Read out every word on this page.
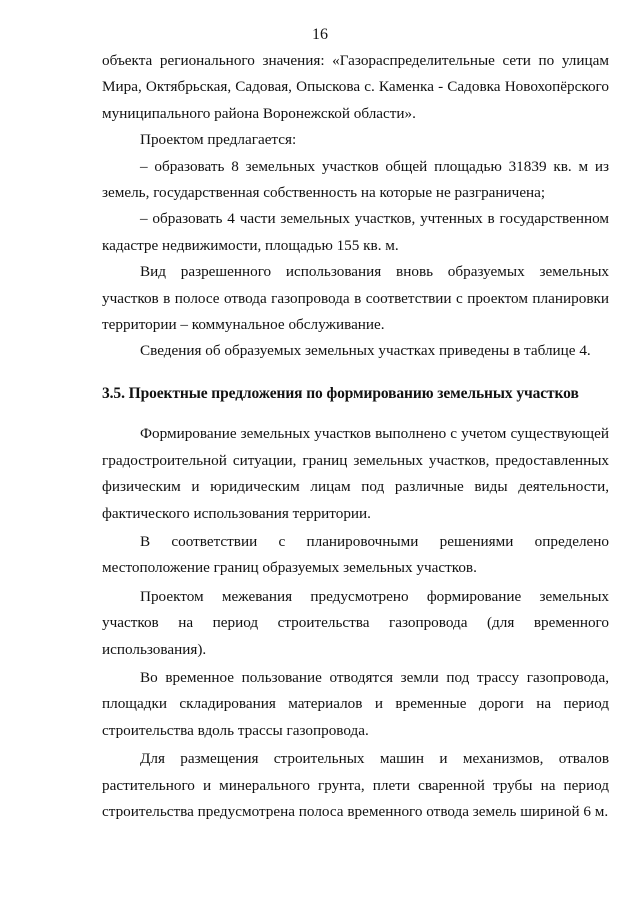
16

объекта регионального значения: «Газораспределительные сети по улицам Мира, Октябрьская, Садовая, Опыскова с. Каменка - Садовка Новохопёрского муниципального района Воронежской области».

Проектом предлагается:

– образовать 8 земельных участков общей площадью 31839 кв. м из земель, государственная собственность на которые не разграничена;

– образовать 4 части земельных участков, учтенных в государственном кадастре недвижимости, площадью 155 кв. м.

Вид разрешенного использования вновь образуемых земельных участков в полосе отвода газопровода в соответствии с проектом планировки территории – коммунальное обслуживание.

Сведения об образуемых земельных участках приведены в таблице 4.

3.5. Проектные предложения по формированию земельных участков

Формирование земельных участков выполнено с учетом существующей градостроительной ситуации, границ земельных участков, предоставленных физическим и юридическим лицам под различные виды деятельности, фактического использования территории.

В соответствии с планировочными решениями определено местоположение границ образуемых земельных участков.

Проектом межевания предусмотрено формирование земельных участков на период строительства газопровода (для временного использования).

Во временное пользование отводятся земли под трассу газопровода, площадки складирования материалов и временные дороги на период строительства вдоль трассы газопровода.

Для размещения строительных машин и механизмов, отвалов растительного и минерального грунта, плети сваренной трубы на период строительства предусмотрена полоса временного отвода земель шириной 6 м.
